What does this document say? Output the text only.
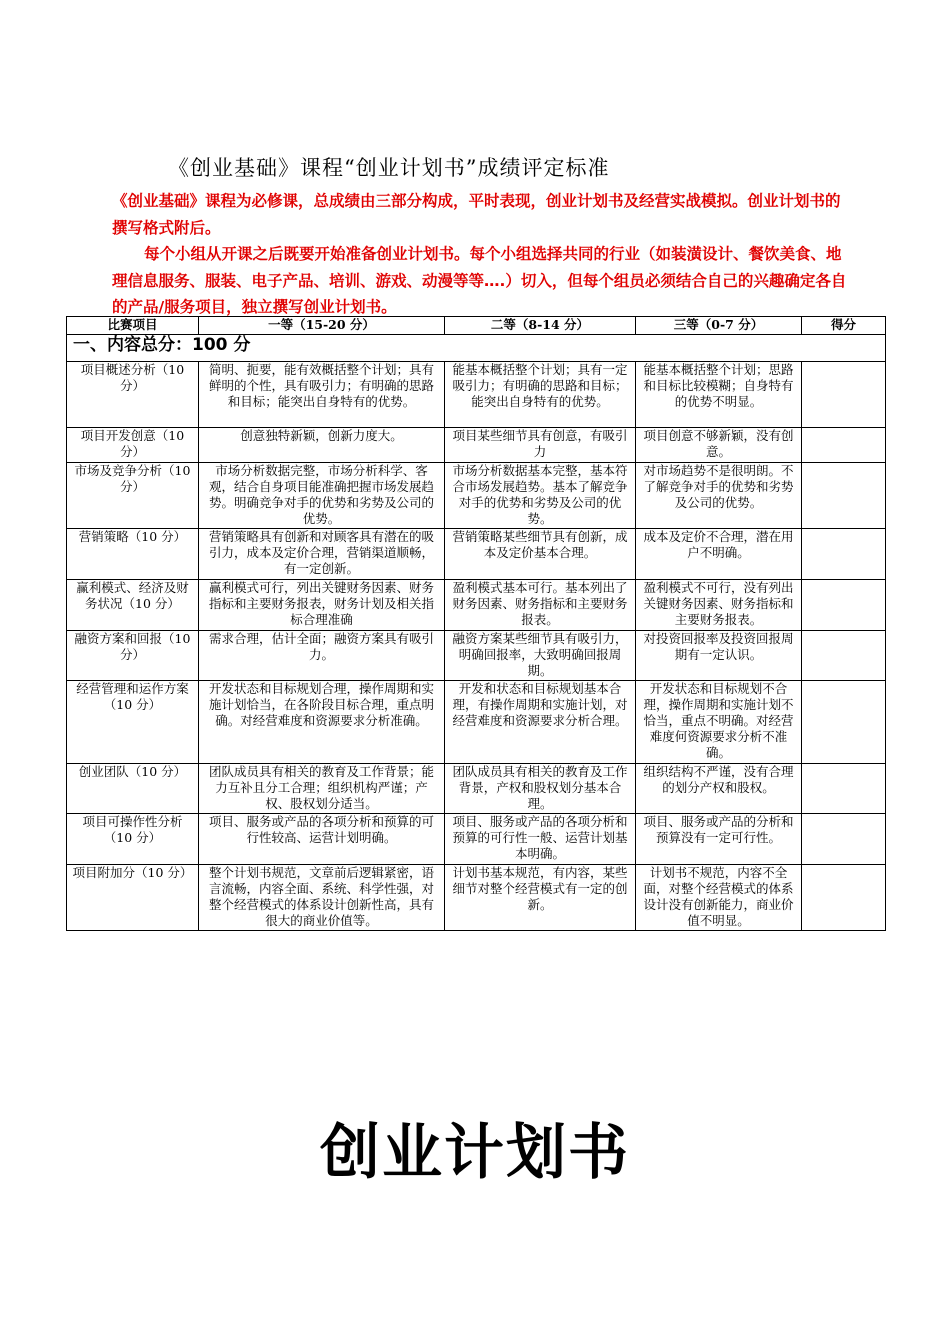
《创业基础》课程“创业计划书”成绩评定标准

《创业基础》课程为必修课，总成绩由三部分构成，平时表现，创业计划书及经营实战模拟。创业计划书的撰写格式附后。

每个小组从开课之后既要开始准备创业计划书。每个小组选择共同的行业（如装潢设计、餐饮美食、地理信息服务、服装、电子产品、培训、游戏、动漫等等….）切入，但每个组员必须结合自己的兴趣确定各自的产品/服务项目，独立撰写创业计划书。

一、内容总分：100 分				
比赛项目	一等（15-20 分）	二等（8-14 分）	三等（0-7 分）	得分
项目概述分析（10 分）	简明、扼要，能有效概括整个计划；具有鲜明的个性，具有吸引力；有明确的思路和目标；能突出自身特有的优势。	能基本概括整个计划；具有一定吸引力；有明确的思路和目标；能突出自身特有的优势。	能基本概括整个计划；思路和目标比较模糊；自身特有的优势不明显。	
项目开发创意（10 分）	创意独特新颖，创新力度大。	项目某些细节具有创意，有吸引力	项目创意不够新颖，没有创意。	
市场及竞争分析（10 分）	市场分析数据完整，市场分析科学、客观，结合自身项目能准确把握市场发展趋势。明确竞争对手的优势和劣势及公司的优势。	市场分析数据基本完整，基本符合市场发展趋势。基本了解竞争对手的优势和劣势及公司的优势。	对市场趋势不是很明朗。不了解竞争对手的优势和劣势及公司的优势。	
营销策略（10 分）	营销策略具有创新和对顾客具有潜在的吸引力，成本及定价合理，营销渠道顺畅，有一定创新。	营销策略某些细节具有创新，成本及定价基本合理。	成本及定价不合理，潜在用户不明确。	
赢利模式、经济及财务状况（10 分）	赢利模式可行，列出关键财务因素、财务指标和主要财务报表，财务计划及相关指标合理准确	盈利模式基本可行。基本列出了财务因素、财务指标和主要财务报表。	盈利模式不可行，没有列出关键财务因素、财务指标和主要财务报表。	
融资方案和回报（10 分）	需求合理，估计全面；融资方案具有吸引力。	融资方案某些细节具有吸引力，明确回报率，大致明确回报周期。	对投资回报率及投资回报周期有一定认识。	
经营管理和运作方案（10 分）	开发状态和目标规划合理，操作周期和实施计划恰当，在各阶段目标合理，重点明确。对经营难度和资源要求分析准确。	开发和状态和目标规划基本合理，有操作周期和实施计划，对经营难度和资源要求分析合理。	开发状态和目标规划不合理，操作周期和实施计划不恰当，重点不明确。对经营难度何资源要求分析不准确。	
创业团队（10 分）	团队成员具有相关的教育及工作背景；能力互补且分工合理；组织机构严谨；产权、股权划分适当。	团队成员具有相关的教育及工作背景，产权和股权划分基本合理。	组织结构不严谨，没有合理的划分产权和股权。	
项目可操作性分析（10 分）	项目、服务或产品的各项分析和预算的可行性较高、运营计划明确。	项目、服务或产品的各项分析和预算的可行性一般、运营计划基本明确。	项目、服务或产品的分析和预算没有一定可行性。	
项目附加分（10 分）	整个计划书规范，文章前后逻辑紧密，语言流畅，内容全面、系统、科学性强，对整个经营模式的体系设计创新性高，具有很大的商业价值等。	计划书基本规范，有内容，某些细节对整个经营模式有一定的创新。	计划书不规范，内容不全面，对整个经营模式的体系设计没有创新能力，商业价值不明显。	
创业计划书
